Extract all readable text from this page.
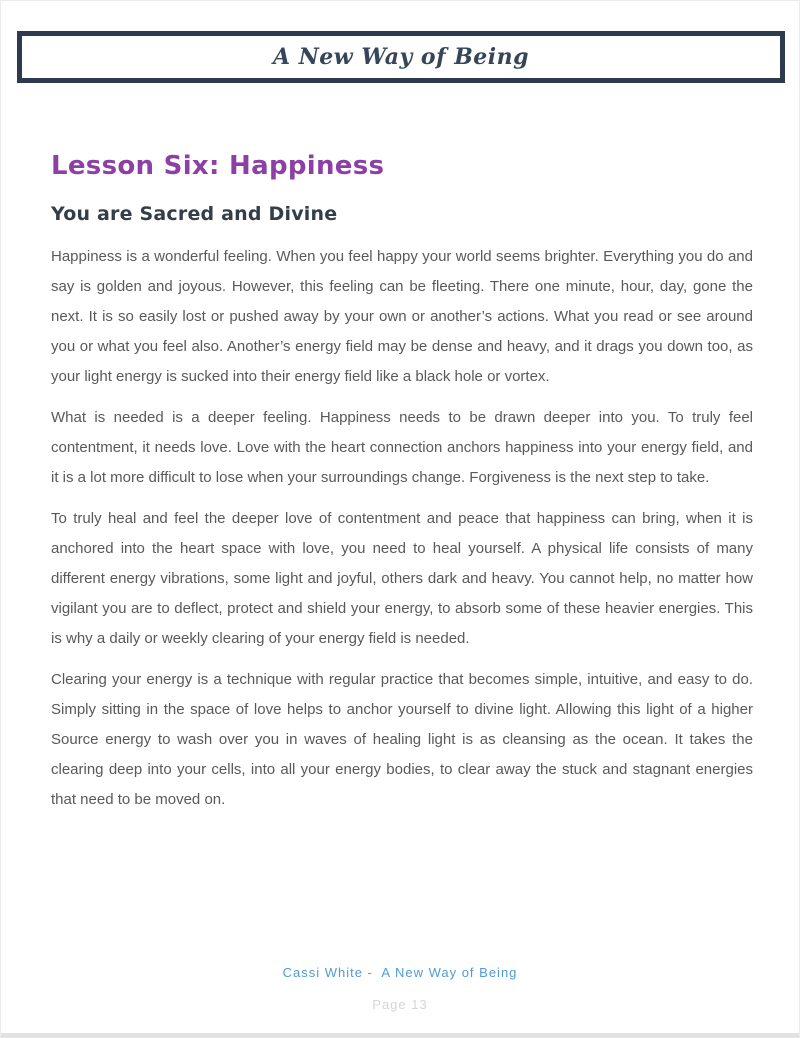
A New Way of Being
Lesson Six: Happiness
You are Sacred and Divine

Happiness is a wonderful feeling. When you feel happy your world seems brighter. Everything you do and say is golden and joyous. However, this feeling can be fleeting. There one minute, hour, day, gone the next. It is so easily lost or pushed away by your own or another’s actions. What you read or see around you or what you feel also. Another’s energy field may be dense and heavy, and it drags you down too, as your light energy is sucked into their energy field like a black hole or vortex.

What is needed is a deeper feeling. Happiness needs to be drawn deeper into you. To truly feel contentment, it needs love. Love with the heart connection anchors happiness into your energy field, and it is a lot more difficult to lose when your surroundings change. Forgiveness is the next step to take.

To truly heal and feel the deeper love of contentment and peace that happiness can bring, when it is anchored into the heart space with love, you need to heal yourself. A physical life consists of many different energy vibrations, some light and joyful, others dark and heavy. You cannot help, no matter how vigilant you are to deflect, protect and shield your energy, to absorb some of these heavier energies. This is why a daily or weekly clearing of your energy field is needed.

Clearing your energy is a technique with regular practice that becomes simple, intuitive, and easy to do. Simply sitting in the space of love helps to anchor yourself to divine light. Allowing this light of a higher Source energy to wash over you in waves of healing light is as cleansing as the ocean. It takes the clearing deep into your cells, into all your energy bodies, to clear away the stuck and stagnant energies that need to be moved on.

Cassi White -  A New Way of Being
Page 13
